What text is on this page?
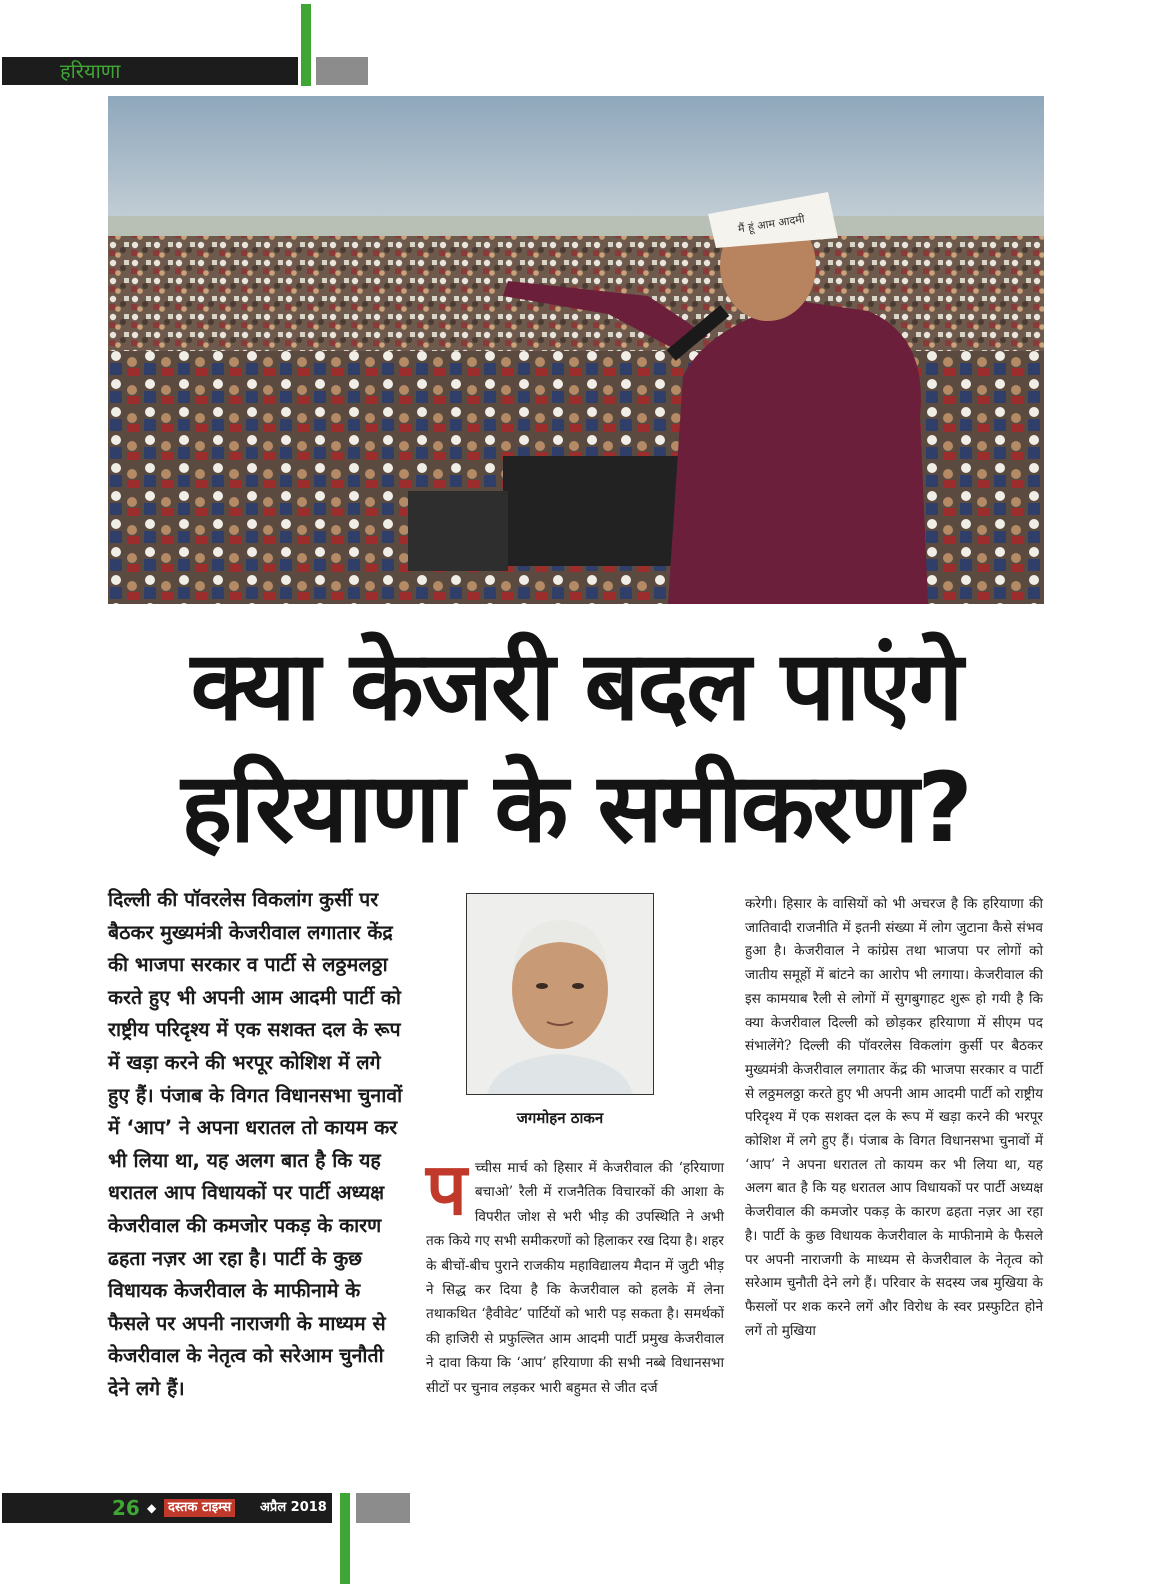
हरियाणा
मैं हूं आम आदमी
क्या केजरी बदल पाएंगे
हरियाणा के समीकरण?
दिल्ली की पॉवरलेस विकलांग कुर्सी पर बैठकर मुख्यमंत्री केजरीवाल लगातार केंद्र की भाजपा सरकार व पार्टी से लठ्ठमलठ्ठा करते हुए भी अपनी आम आदमी पार्टी को राष्ट्रीय परिदृश्य में एक सशक्त दल के रूप में खड़ा करने की भरपूर कोशिश में लगे हुए हैं। पंजाब के विगत विधानसभा चुनावों में ‘आप’ ने अपना धरातल तो कायम कर भी लिया था, यह अलग बात है कि यह धरातल आप विधायकों पर पार्टी अध्यक्ष केजरीवाल की कमजोर पकड़ के कारण ढहता नज़र आ रहा है। पार्टी के कुछ विधायक केजरीवाल के माफीनामे के फैसले पर अपनी नाराजगी के माध्यम से केजरीवाल के नेतृत्व को सरेआम चुनौती देने लगे हैं।
जगमोहन ठाकन
प च्चीस मार्च को हिसार में केजरीवाल की ‘हरियाणा बचाओ’ रैली में राजनैतिक विचारकों की आशा के विपरीत जोश से भरी भीड़ की उपस्थिति ने अभी तक किये गए सभी समीकरणों को हिलाकर रख दिया है। शहर के बीचों-बीच पुराने राजकीय महाविद्यालय मैदान में जुटी भीड़ ने सिद्ध कर दिया है कि केजरीवाल को हलके में लेना तथाकथित ‘हैवीवेट’ पार्टियों को भारी पड़ सकता है। समर्थकों की हाजिरी से प्रफुल्लित आम आदमी पार्टी प्रमुख केजरीवाल ने दावा किया कि ‘आप’ हरियाणा की सभी नब्बे विधानसभा सीटों पर चुनाव लड़कर भारी बहुमत से जीत दर्ज
करेगी। हिसार के वासियों को भी अचरज है कि हरियाणा की जातिवादी राजनीति में इतनी संख्या में लोग जुटाना कैसे संभव हुआ है। केजरीवाल ने कांग्रेस तथा भाजपा पर लोगों को जातीय समूहों में बांटने का आरोप भी लगाया। केजरीवाल की इस कामयाब रैली से लोगों में सुगबुगाहट शुरू हो गयी है कि क्या केजरीवाल दिल्ली को छोड़कर हरियाणा में सीएम पद संभालेंगे? दिल्ली की पॉवरलेस विकलांग कुर्सी पर बैठकर मुख्यमंत्री केजरीवाल लगातार केंद्र की भाजपा सरकार व पार्टी से लठ्ठमलठ्ठा करते हुए भी अपनी आम आदमी पार्टी को राष्ट्रीय परिदृश्य में एक सशक्त दल के रूप में खड़ा करने की भरपूर कोशिश में लगे हुए हैं। पंजाब के विगत विधानसभा चुनावों में ‘आप’ ने अपना धरातल तो कायम कर भी लिया था, यह अलग बात है कि यह धरातल आप विधायकों पर पार्टी अध्यक्ष केजरीवाल की कमजोर पकड़ के कारण ढहता नज़र आ रहा है। पार्टी के कुछ विधायक केजरीवाल के माफीनामे के फैसले पर अपनी नाराजगी के माध्यम से केजरीवाल के नेतृत्व को सरेआम चुनौती देने लगे हैं। परिवार के सदस्य जब मुखिया के फैसलों पर शक करने लगें और विरोध के स्वर प्रस्फुटित होने लगें तो मुखिया
26 ◆ दस्तक टाइम्स	अप्रैल 2018
